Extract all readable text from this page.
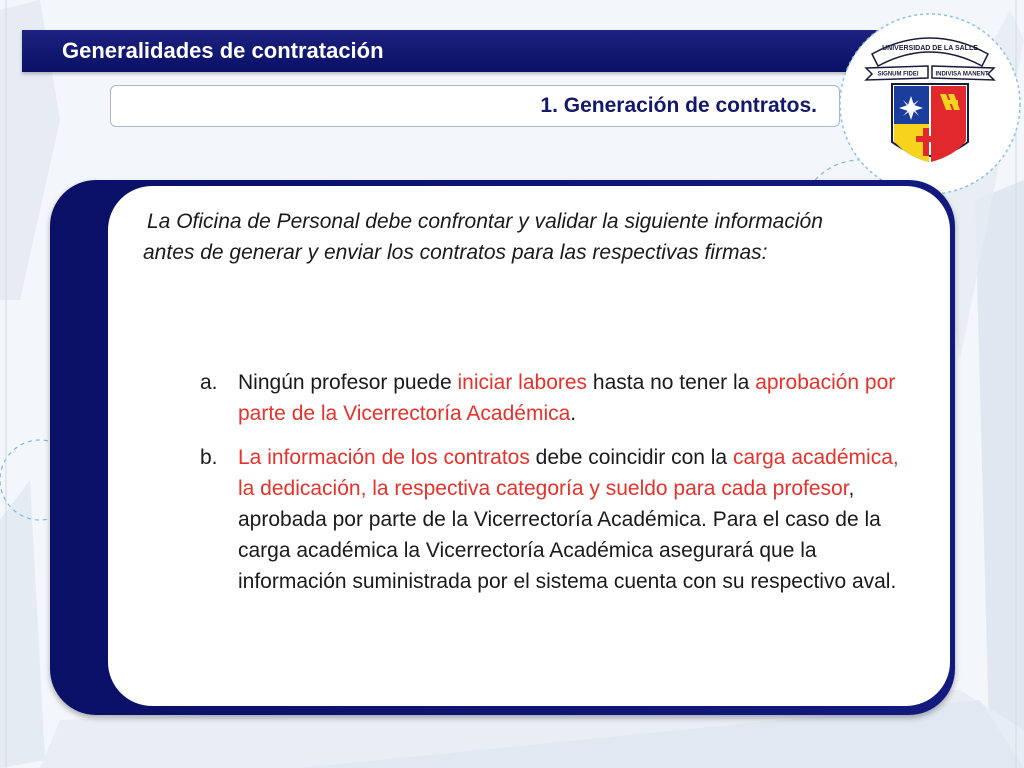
Generalidades de contratación
1. Generación de contratos.
UNIVERSIDAD DE LA SALLE
SIGNUM FIDEI	INDIVISA MANENT
La Oficina de Personal debe confrontar y validar la siguiente información antes de generar y enviar los contratos para las respectivas firmas:
a. Ningún profesor puede iniciar labores hasta no tener la aprobación por parte de la Vicerrectoría Académica.
b. La información de los contratos debe coincidir con la carga académica, la dedicación, la respectiva categoría y sueldo para cada profesor, aprobada por parte de la Vicerrectoría Académica. Para el caso de la carga académica la Vicerrectoría Académica asegurará que la información suministrada por el sistema cuenta con su respectivo aval.
